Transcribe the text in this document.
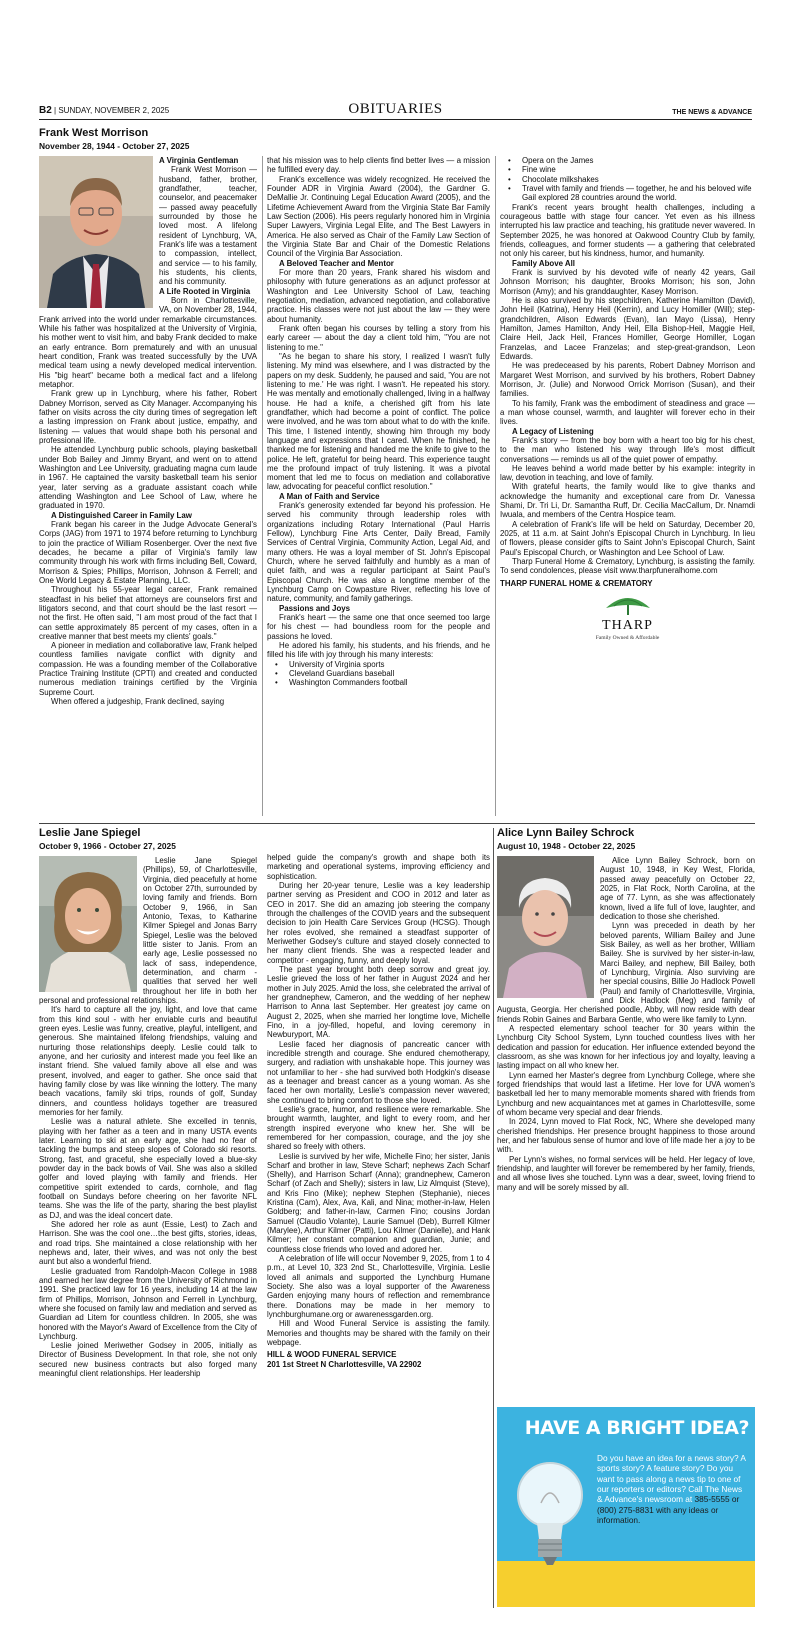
B2 | SUNDAY, NOVEMBER 2, 2025	OBITUARIES	THE NEWS & ADVANCE
Frank West Morrison
November 28, 1944 - October 27, 2025
A Virginia Gentleman

Frank West Morrison — husband, father, brother, grandfather, teacher, counselor, and peacemaker — passed away peacefully surrounded by those he loved most. A lifelong resident of Lynchburg, VA, Frank's life was a testament to compassion, intellect, and service — to his family, his students, his clients, and his community.

A Life Rooted in Virginia

Born in Charlottesville, VA, on November 28, 1944, Frank arrived into the world under remarkable circumstances. While his father was hospitalized at the University of Virginia, his mother went to visit him, and baby Frank decided to make an early entrance. Born prematurely and with an unusual heart condition, Frank was treated successfully by the UVA medical team using a newly developed medical intervention. His "big heart" became both a medical fact and a lifelong metaphor.

Frank grew up in Lynchburg, where his father, Robert Dabney Morrison, served as City Manager. Accompanying his father on visits across the city during times of segregation left a lasting impression on Frank about justice, empathy, and listening — values that would shape both his personal and professional life.

He attended Lynchburg public schools, playing basketball under Bob Bailey and Jimmy Bryant, and went on to attend Washington and Lee University, graduating magna cum laude in 1967. He captained the varsity basketball team his senior year, later serving as a graduate assistant coach while attending Washington and Lee School of Law, where he graduated in 1970.

A Distinguished Career in Family Law

Frank began his career in the Judge Advocate General's Corps (JAG) from 1971 to 1974 before returning to Lynchburg to join the practice of William Rosenberger. Over the next five decades, he became a pillar of Virginia's family law community through his work with firms including Bell, Coward, Morrison & Spies; Phillips, Morrison, Johnson & Ferrell; and One World Legacy & Estate Planning, LLC.

Throughout his 55-year legal career, Frank remained steadfast in his belief that attorneys are counselors first and litigators second, and that court should be the last resort — not the first. He often said, "I am most proud of the fact that I can settle approximately 85 percent of my cases, often in a creative manner that best meets my clients' goals."

A pioneer in mediation and collaborative law, Frank helped countless families navigate conflict with dignity and compassion. He was a founding member of the Collaborative Practice Training Institute (CPTI) and created and conducted numerous mediation trainings certified by the Virginia Supreme Court.

When offered a judgeship, Frank declined, saying

that his mission was to help clients find better lives — a mission he fulfilled every day.

Frank's excellence was widely recognized. He received the Founder ADR in Virginia Award (2004), the Gardner G. DeMallie Jr. Continuing Legal Education Award (2005), and the Lifetime Achievement Award from the Virginia State Bar Family Law Section (2006). His peers regularly honored him in Virginia Super Lawyers, Virginia Legal Elite, and The Best Lawyers in America. He also served as Chair of the Family Law Section of the Virginia State Bar and Chair of the Domestic Relations Council of the Virginia Bar Association.

A Beloved Teacher and Mentor

For more than 20 years, Frank shared his wisdom and philosophy with future generations as an adjunct professor at Washington and Lee University School of Law, teaching negotiation, mediation, advanced negotiation, and collaborative practice. His classes were not just about the law — they were about humanity.

Frank often began his courses by telling a story from his early career — about the day a client told him, "You are not listening to me."

"As he began to share his story, I realized I wasn't fully listening. My mind was elsewhere, and I was distracted by the papers on my desk. Suddenly, he paused and said, 'You are not listening to me.' He was right. I wasn't. He repeated his story. He was mentally and emotionally challenged, living in a halfway house. He had a knife, a cherished gift from his late grandfather, which had become a point of conflict. The police were involved, and he was torn about what to do with the knife. This time, I listened intently, showing him through my body language and expressions that I cared. When he finished, he thanked me for listening and handed me the knife to give to the police. He left, grateful for being heard. This experience taught me the profound impact of truly listening. It was a pivotal moment that led me to focus on mediation and collaborative law, advocating for peaceful conflict resolution."

A Man of Faith and Service

Frank's generosity extended far beyond his profession. He served his community through leadership roles with organizations including Rotary International (Paul Harris Fellow), Lynchburg Fine Arts Center, Daily Bread, Family Services of Central Virginia, Community Action, Legal Aid, and many others. He was a loyal member of St. John's Episcopal Church, where he served faithfully and humbly as a man of quiet faith, and was a regular participant at Saint Paul's Episcopal Church. He was also a longtime member of the Lynchburg Camp on Cowpasture River, reflecting his love of nature, community, and family gatherings.

Passions and Joys

Frank's heart — the same one that once seemed too large for his chest — had boundless room for the people and passions he loved.

He adored his family, his students, and his friends, and he filled his life with joy through his many interests:

• University of Virginia sports
• Cleveland Guardians baseball
• Washington Commanders football
• Opera on the James
• Fine wine
• Chocolate milkshakes
• Travel with family and friends — together, he and his beloved wife Gail explored 28 countries around the world.

Frank's recent years brought health challenges, including a courageous battle with stage four cancer. Yet even as his illness interrupted his law practice and teaching, his gratitude never wavered. In September 2025, he was honored at Oakwood Country Club by family, friends, colleagues, and former students — a gathering that celebrated not only his career, but his kindness, humor, and humanity.

Family Above All

Frank is survived by his devoted wife of nearly 42 years, Gail Johnson Morrison; his daughter, Brooks Morrison; his son, John Morrison (Amy); and his granddaughter, Kasey Morrison.

He is also survived by his stepchildren, Katherine Hamilton (David), John Heil (Katrina), Henry Heil (Kerrin), and Lucy Homiller (Will); step-grandchildren, Alison Edwards (Evan), Ian Mayo (Lissa), Henry Hamilton, James Hamilton, Andy Heil, Ella Bishop-Heil, Maggie Heil, Claire Heil, Jack Heil, Frances Homiller, George Homiller, Logan Franzelas, and Lacee Franzelas; and step-great-grandson, Leon Edwards.

He was predeceased by his parents, Robert Dabney Morrison and Margaret West Morrison, and survived by his brothers, Robert Dabney Morrison, Jr. (Julie) and Norwood Orrick Morrison (Susan), and their families.

To his family, Frank was the embodiment of steadiness and grace — a man whose counsel, warmth, and laughter will forever echo in their lives.

A Legacy of Listening

Frank's story — from the boy born with a heart too big for his chest, to the man who listened his way through life's most difficult conversations — reminds us all of the quiet power of empathy.

He leaves behind a world made better by his example: integrity in law, devotion in teaching, and love of family.

With grateful hearts, the family would like to give thanks and acknowledge the humanity and exceptional care from Dr. Vanessa Shami, Dr. Tri Li, Dr. Samantha Ruff, Dr. Cecilia MacCallum, Dr. Nnamdi Iwuala, and members of the Centra Hospice team.

A celebration of Frank's life will be held on Saturday, December 20, 2025, at 11 a.m. at Saint John's Episcopal Church in Lynchburg. In lieu of flowers, please consider gifts to Saint John's Episcopal Church, Saint Paul's Episcopal Church, or Washington and Lee School of Law.

Tharp Funeral Home & Crematory, Lynchburg, is assisting the family. To send condolences, please visit www.tharpfuneralhome.com

THARP FUNERAL HOME & CREMATORY
THARP
Family Owned & Affordable
Leslie Jane Spiegel
October 9, 1966 - October 27, 2025

Leslie Jane Spiegel (Phillips), 59, of Charlottesville, Virginia, died peacefully at home on October 27th, surrounded by loving family and friends. Born October 9, 1966, in San Antonio, Texas, to Katharine Kilmer Spiegel and Jonas Barry Spiegel, Leslie was the beloved little sister to Janis. From an early age, Leslie possessed no lack of sass, independence, determination, and charm - qualities that served her well throughout her life in both her personal and professional relationships.

It's hard to capture all the joy, light, and love that came from this kind soul - with her enviable curls and beautiful green eyes. Leslie was funny, creative, playful, intelligent, and generous. She maintained lifelong friendships, valuing and nurturing those relationships deeply. Leslie could talk to anyone, and her curiosity and interest made you feel like an instant friend. She valued family above all else and was present, involved, and eager to gather. She once said that having family close by was like winning the lottery. The many beach vacations, family ski trips, rounds of golf, Sunday dinners, and countless holidays together are treasured memories for her family.

Leslie was a natural athlete. She excelled in tennis, playing with her father as a teen and in many USTA events later. Learning to ski at an early age, she had no fear of tackling the bumps and steep slopes of Colorado ski resorts. Strong, fast, and graceful, she especially loved a blue-sky powder day in the back bowls of Vail. She was also a skilled golfer and loved playing with family and friends. Her competitive spirit extended to cards, cornhole, and flag football on Sundays before cheering on her favorite NFL teams. She was the life of the party, sharing the best playlist as DJ, and was the ideal concert date.

She adored her role as aunt (Essie, Lest) to Zach and Harrison. She was the cool one…the best gifts, stories, ideas, and road trips. She maintained a close relationship with her nephews and, later, their wives, and was not only the best aunt but also a wonderful friend.

Leslie graduated from Randolph-Macon College in 1988 and earned her law degree from the University of Richmond in 1991. She practiced law for 16 years, including 14 at the law firm of Phillips, Morrison, Johnson and Ferrell in Lynchburg, where she focused on family law and mediation and served as Guardian ad Litem for countless children. In 2005, she was honored with the Mayor's Award of Excellence from the City of Lynchburg.

Leslie joined Meriwether Godsey in 2005, initially as Director of Business Development. In that role, she not only secured new business contracts but also forged many meaningful client relationships. Her leadership

helped guide the company's growth and shape both its marketing and operational systems, improving efficiency and sophistication.

During her 20-year tenure, Leslie was a key leadership partner serving as President and COO in 2012 and later as CEO in 2017. She did an amazing job steering the company through the challenges of the COVID years and the subsequent decision to join Health Care Services Group (HCSG). Though her roles evolved, she remained a steadfast supporter of Meriwether Godsey's culture and stayed closely connected to her many client friends. She was a respected leader and competitor - engaging, funny, and deeply loyal.

The past year brought both deep sorrow and great joy. Leslie grieved the loss of her father in August 2024 and her mother in July 2025. Amid the loss, she celebrated the arrival of her grandnephew, Cameron, and the wedding of her nephew Harrison to Anna last September. Her greatest joy came on August 2, 2025, when she married her longtime love, Michelle Fino, in a joy-filled, hopeful, and loving ceremony in Newburyport, MA.

Leslie faced her diagnosis of pancreatic cancer with incredible strength and courage. She endured chemotherapy, surgery, and radiation with unshakable hope. This journey was not unfamiliar to her - she had survived both Hodgkin's disease as a teenager and breast cancer as a young woman. As she faced her own mortality, Leslie's compassion never wavered; she continued to bring comfort to those she loved.

Leslie's grace, humor, and resilience were remarkable. She brought warmth, laughter, and light to every room, and her strength inspired everyone who knew her. She will be remembered for her compassion, courage, and the joy she shared so freely with others.

Leslie is survived by her wife, Michelle Fino; her sister, Janis Scharf and brother in law, Steve Scharf; nephews Zach Scharf (Shelly), and Harrison Scharf (Anna); grandnephew, Cameron Scharf (of Zach and Shelly); sisters in law, Liz Almquist (Steve), and Kris Fino (Mike); nephew Stephen (Stephanie), nieces Kristina (Cam), Alex, Ava, Kali, and Nina; mother-in-law, Helen Goldberg; and father-in-law, Carmen Fino; cousins Jordan Samuel (Claudio Volante), Laurie Samuel (Deb), Burrell Kilmer (Marylee), Arthur Kilmer (Patti), Lou Kilmer (Danielle), and Hank Kilmer; her constant companion and guardian, Junie; and countless close friends who loved and adored her.

A celebration of life will occur November 9, 2025, from 1 to 4 p.m., at Level 10, 323 2nd St., Charlottesville, Virginia. Leslie loved all animals and supported the Lynchburg Humane Society. She also was a loyal supporter of the Awareness Garden enjoying many hours of reflection and remembrance there. Donations may be made in her memory to lynchburghumane.org or awarenessgarden.org.

Hill and Wood Funeral Service is assisting the family. Memories and thoughts may be shared with the family on their webpage.

HILL & WOOD FUNERAL SERVICE
201 1st Street N Charlottesville, VA 22902
Alice Lynn Bailey Schrock
August 10, 1948 - October 22, 2025

Alice Lynn Bailey Schrock, born on August 10, 1948, in Key West, Florida, passed away peacefully on October 22, 2025, in Flat Rock, North Carolina, at the age of 77. Lynn, as she was affectionately known, lived a life full of love, laughter, and dedication to those she cherished.

Lynn was preceded in death by her beloved parents, William Bailey and June Sisk Bailey, as well as her brother, William Bailey. She is survived by her sister-in-law, Marci Bailey, and nephew, Bill Bailey, both of Lynchburg, Virginia. Also surviving are her special cousins, Billie Jo Hadlock Powell (Paul) and family of Charlottesville, Virginia, and Dick Hadlock (Meg) and family of Augusta, Georgia. Her cherished poodle, Abby, will now reside with dear friends Robin Gaines and Barbara Gentle, who were like family to Lynn.

A respected elementary school teacher for 30 years within the Lynchburg City School System, Lynn touched countless lives with her dedication and passion for education. Her influence extended beyond the classroom, as she was known for her infectious joy and loyalty, leaving a lasting impact on all who knew her.

Lynn earned her Master's degree from Lynchburg College, where she forged friendships that would last a lifetime. Her love for UVA women's basketball led her to many memorable moments shared with friends from Lynchburg and new acquaintances met at games in Charlottesville, some of whom became very special and dear friends.

In 2024, Lynn moved to Flat Rock, NC, Where she developed many cherished friendships. Her presence brought happiness to those around her, and her fabulous sense of humor and love of life made her a joy to be with.

Per Lynn's wishes, no formal services will be held. Her legacy of love, friendship, and laughter will forever be remembered by her family, friends, and all whose lives she touched. Lynn was a dear, sweet, loving friend to many and will be sorely missed by all.

HAVE A BRIGHT IDEA?
Do you have an idea for a news story? A sports story? A feature story? Do you want to pass along a news tip to one of our reporters or editors? Call The News & Advance's newsroom at 385-5555 or (800) 275-8831 with any ideas or information.
